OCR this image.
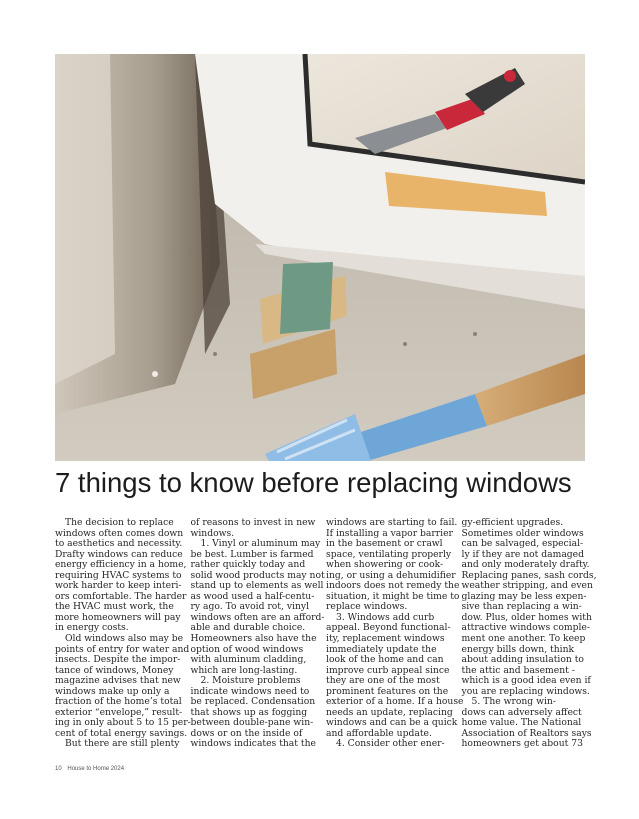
7 things to know before replacing windows
The decision to replace
windows often comes down
to aesthetics and necessity.
Drafty windows can reduce
energy efficiency in a home,
requiring HVAC systems to
work harder to keep interi-
ors comfortable. The harder
the HVAC must work, the
more homeowners will pay
in energy costs.
Old windows also may be
points of entry for water and
insects. Despite the impor-
tance of windows, Money
magazine advises that new
windows make up only a
fraction of the home’s total
exterior “envelope,” result-
ing in only about 5 to 15 per-
cent of total energy savings.
But there are still plenty
of reasons to invest in new
windows.
1. Vinyl or aluminum may
be best. Lumber is farmed
rather quickly today and
solid wood products may not
stand up to elements as well
as wood used a half-centu-
ry ago. To avoid rot, vinyl
windows often are an afford-
able and durable choice.
Homeowners also have the
option of wood windows
with aluminum cladding,
which are long-lasting.
2. Moisture problems
indicate windows need to
be replaced. Condensation
that shows up as fogging
between double-pane win-
dows or on the inside of
windows indicates that the
windows are starting to fail.
If installing a vapor barrier
in the basement or crawl
space, ventilating properly
when showering or cook-
ing, or using a dehumidifier
indoors does not remedy the
situation, it might be time to
replace windows.
3. Windows add curb
appeal. Beyond functional-
ity, replacement windows
immediately update the
look of the home and can
improve curb appeal since
they are one of the most
prominent features on the
exterior of a home. If a house
needs an update, replacing
windows and can be a quick
and affordable update.
4. Consider other ener-
gy-efficient upgrades.
Sometimes older windows
can be salvaged, especial-
ly if they are not damaged
and only moderately drafty.
Replacing panes, sash cords,
weather stripping, and even
glazing may be less expen-
sive than replacing a win-
dow. Plus, older homes with
attractive windows comple-
ment one another. To keep
energy bills down, think
about adding insulation to
the attic and basement -
which is a good idea even if
you are replacing windows.
5. The wrong win-
dows can adversely affect
home value. The National
Association of Realtors says
homeowners get about 73
10 House to Home 2024
